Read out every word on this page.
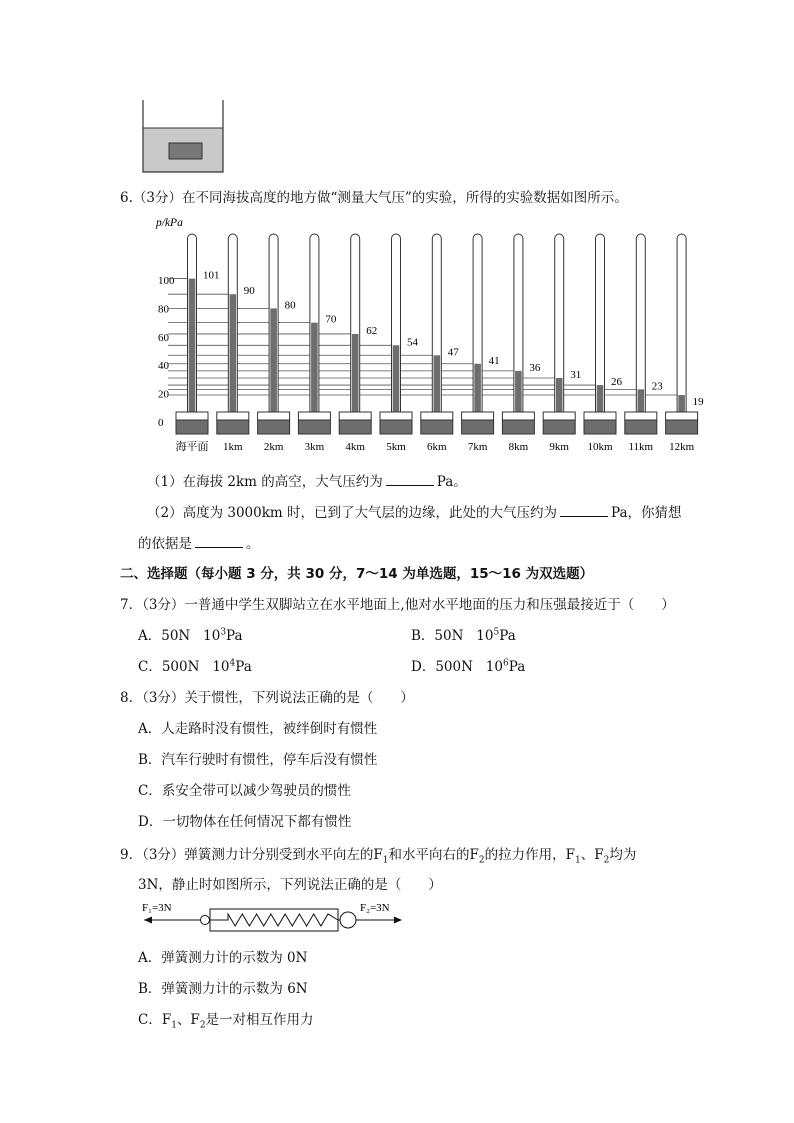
6.（3分）在不同海拔高度的地方做“测量大气压”的实验，所得的实验数据如图所示。
p/kPa
100
80
60
40
20
0
101
90
80
70
62
54
47
41
36
31
26	23
19
海平面 1km 2km 3km 4km 5km 6km 7km 8km 9km 10km 11km 12km
（1）在海拔 2km 的高空，大气压约为	Pa。
（2）高度为 3000km 时，已到了大气层的边缘，此处的大气压约为	Pa，你猜想
的依据是	。
二、选择题（每小题 3 分，共 30 分，7～14 为单选题，15～16 为双选题）
7．（3分）一普通中学生双脚站立在水平地面上,他对水平地面的压力和压强最接近于（　　）
A．50N $10^3Pa$	B．50N $10^5Pa$
C．500N $10^4Pa$	D．500N $10^6Pa$
8．（3分）关于惯性，下列说法正确的是（　　）
A．人走路时没有惯性，被绊倒时有惯性
B．汽车行驶时有惯性，停车后没有惯性
C．系安全带可以减少驾驶员的惯性
D．一切物体在任何情况下都有惯性
9．（3分）弹簧测力计分别受到水平向左的$F_1$和水平向右的$F_2$的拉力作用，$F_1$、$F_2$均为
3N，静止时如图所示，下列说法正确的是（　　）
F₁=3N	F₂=3N
A．弹簧测力计的示数为 0N
B．弹簧测力计的示数为 6N
C．$F_1$、$F_2$是一对相互作用力
